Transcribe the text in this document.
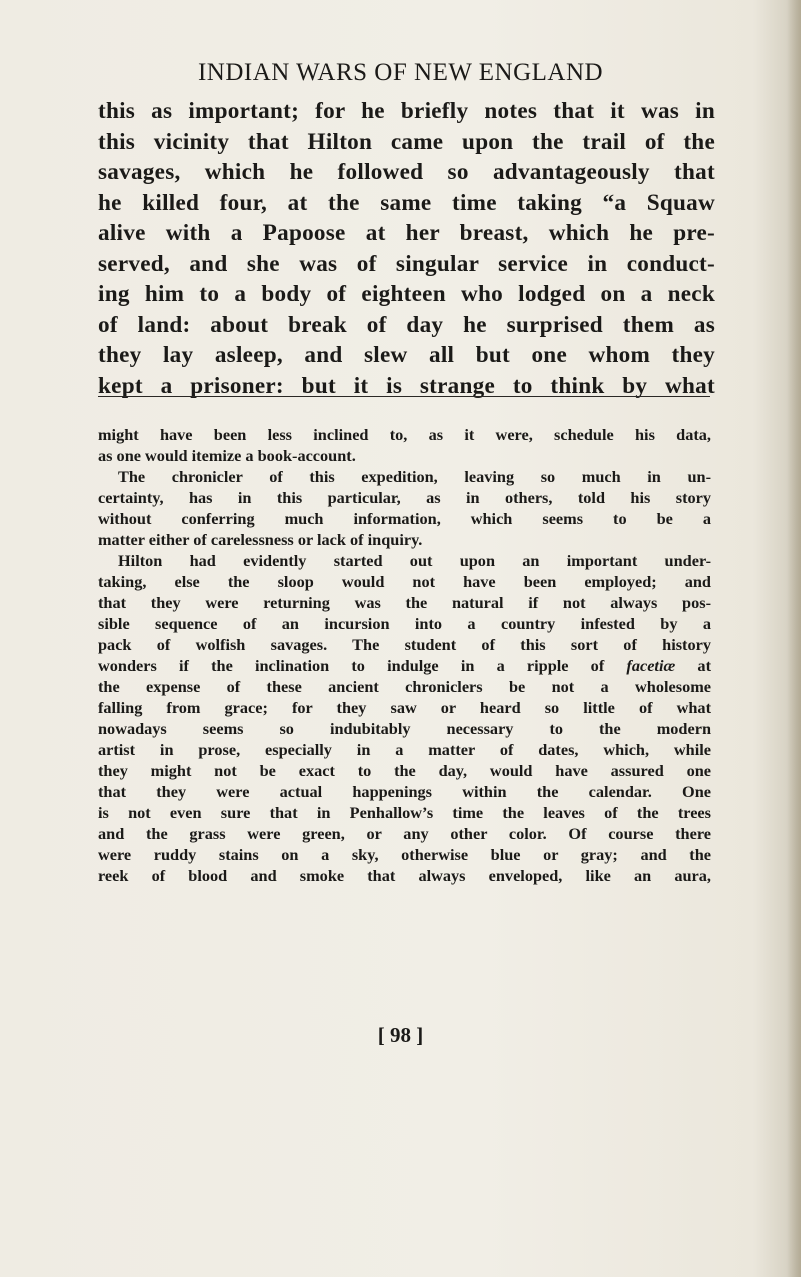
INDIAN WARS OF NEW ENGLAND

this as important; for he briefly notes that it was in
this vicinity that Hilton came upon the trail of the
savages, which he followed so advantageously that
he killed four, at the same time taking “a Squaw
alive with a Papoose at her breast, which he pre-
served, and she was of singular service in conduct-
ing him to a body of eighteen who lodged on a neck
of land: about break of day he surprised them as
they lay asleep, and slew all but one whom they
kept a prisoner: but it is strange to think by what

might have been less inclined to, as it were, schedule his data,
as one would itemize a book-account.
The chronicler of this expedition, leaving so much in un-
certainty, has in this particular, as in others, told his story
without conferring much information, which seems to be a
matter either of carelessness or lack of inquiry.
Hilton had evidently started out upon an important under-
taking, else the sloop would not have been employed; and
that they were returning was the natural if not always pos-
sible sequence of an incursion into a country infested by a
pack of wolfish savages. The student of this sort of history
wonders if the inclination to indulge in a ripple of facetiæ at
the expense of these ancient chroniclers be not a wholesome
falling from grace; for they saw or heard so little of what
nowadays seems so indubitably necessary to the modern
artist in prose, especially in a matter of dates, which, while
they might not be exact to the day, would have assured one
that they were actual happenings within the calendar. One
is not even sure that in Penhallow’s time the leaves of the trees
and the grass were green, or any other color. Of course there
were ruddy stains on a sky, otherwise blue or gray; and the
reek of blood and smoke that always enveloped, like an aura,
[ 98 ]
